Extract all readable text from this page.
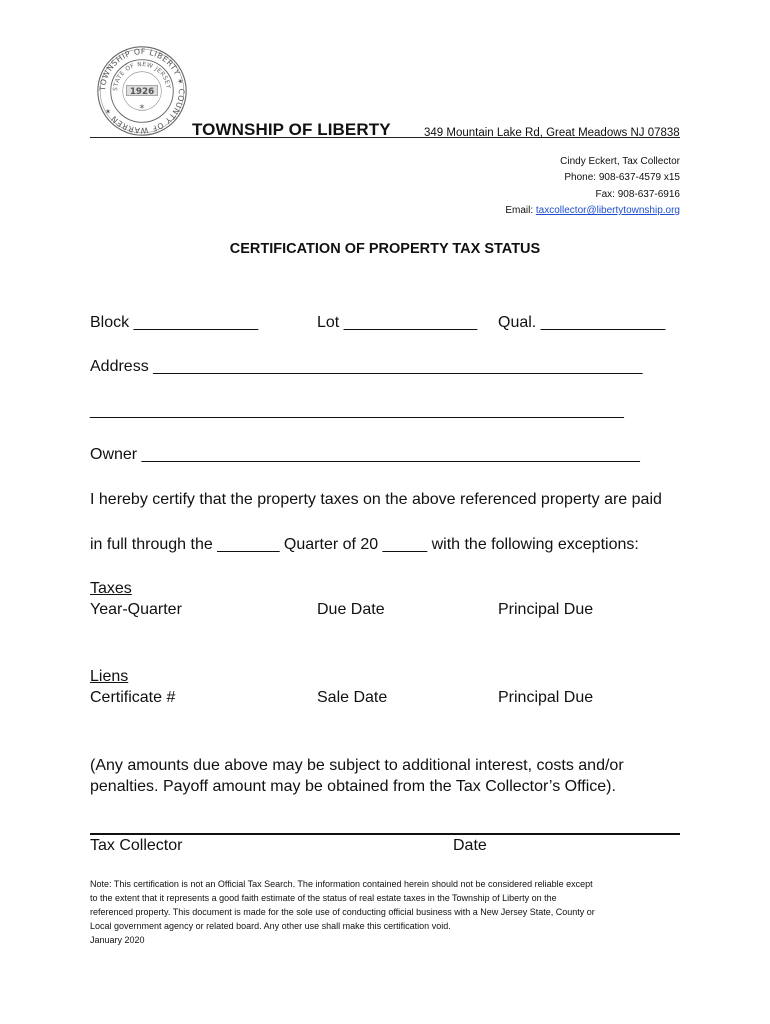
TOWNSHIP OF LIBERTY ✶ COUNTY OF WARREN ✶
STATE OF NEW JERSEY
1926
✶
TOWNSHIP OF LIBERTY	349 Mountain Lake Rd, Great Meadows NJ 07838
Cindy Eckert, Tax Collector
Phone: 908-637-4579 x15
Fax: 908-637-6916
Email: taxcollector@libertytownship.org
CERTIFICATION OF PROPERTY TAX STATUS
Block ______________	Lot _______________ Qual. ______________
Address _______________________________________________________
____________________________________________________________
Owner ________________________________________________________
I hereby certify that the property taxes on the above referenced property are paid
in full through the _______ Quarter of 20 _____ with the following exceptions:
Taxes
Year-Quarter	Due Date	Principal Due
Liens
Certificate #	Sale Date	Principal Due
(Any amounts due above may be subject to additional interest, costs and/or
penalties. Payoff amount may be obtained from the Tax Collector’s Office).
Tax Collector	Date
Note: This certification is not an Official Tax Search. The information contained herein should not be considered reliable except
to the extent that it represents a good faith estimate of the status of real estate taxes in the Township of Liberty on the
referenced property. This document is made for the sole use of conducting official business with a New Jersey State, County or
Local government agency or related board. Any other use shall make this certification void.
January 2020
